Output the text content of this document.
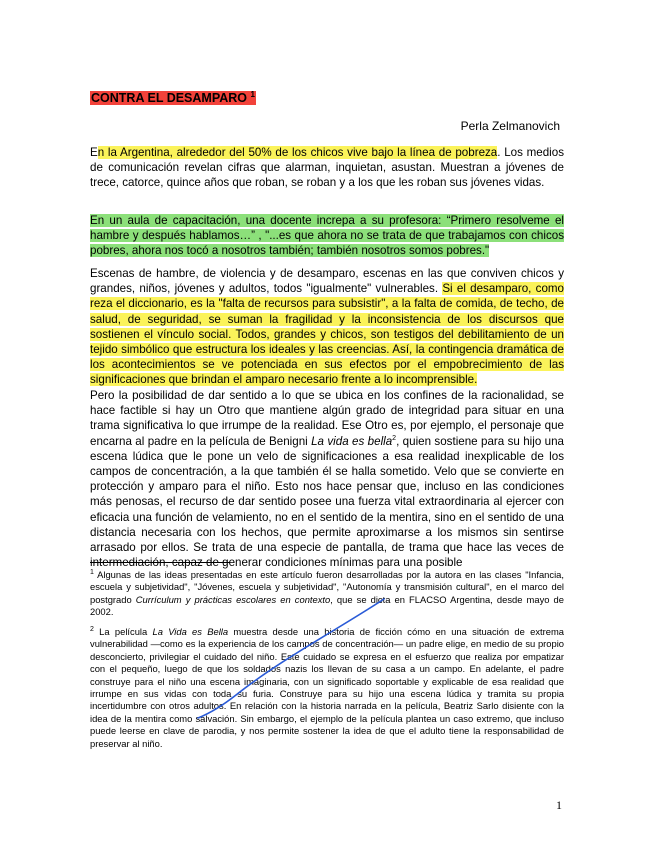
CONTRA EL DESAMPARO $^1$
Perla Zelmanovich

En la Argentina, alrededor del 50% de los chicos vive bajo la línea de pobreza. Los medios de comunicación revelan cifras que alarman, inquietan, asustan. Muestran a jóvenes de trece, catorce, quince años que roban, se roban y a los que les roban sus jóvenes vidas.

En un aula de capacitación, una docente increpa a su profesora: “Primero resolveme el hambre y después hablamos…” , "...es que ahora no se trata de que trabajamos con chicos pobres, ahora nos tocó a nosotros también; también nosotros somos pobres."

Escenas de hambre, de violencia y de desamparo, escenas en las que conviven chicos y grandes, niños, jóvenes y adultos, todos "igualmente" vulnerables. Si el desamparo, como reza el diccionario, es la "falta de recursos para subsistir", a la falta de comida, de techo, de salud, de seguridad, se suman la fragilidad y la inconsistencia de los discursos que sostienen el vínculo social. Todos, grandes y chicos, son testigos del debilitamiento de un tejido simbólico que estructura los ideales y las creencias. Así, la contingencia dramática de los acontecimientos se ve potenciada en sus efectos por el empobrecimiento de las significaciones que brindan el amparo necesario frente a lo incomprensible.

Pero la posibilidad de dar sentido a lo que se ubica en los confines de la racionalidad, se hace factible si hay un Otro que mantiene algún grado de integridad para situar en una trama significativa lo que irrumpe de la realidad. Ese Otro es, por ejemplo, el personaje que encarna al padre en la película de Benigni La vida es bella$^2$, quien sostiene para su hijo una escena lúdica que le pone un velo de significaciones a esa realidad inexplicable de los campos de concentración, a la que también él se halla sometido. Velo que se convierte en protección y amparo para el niño. Esto nos hace pensar que, incluso en las condiciones más penosas, el recurso de dar sentido posee una fuerza vital extraordinaria al ejercer con eficacia una función de velamiento, no en el sentido de la mentira, sino en el sentido de una distancia necesaria con los hechos, que permite aproximarse a los mismos sin sentirse arrasado por ellos. Se trata de una especie de pantalla, de trama que hace las veces de intermediación, capaz de generar condiciones mínimas para una posible

$^1$ Algunas de las ideas presentadas en este artículo fueron desarrolladas por la autora en las clases "Infancia, escuela y subjetividad", "Jóvenes, escuela y subjetividad", "Autonomía y transmisión cultural", en el marco del postgrado Currículum y prácticas escolares en contexto, que se dicta en FLACSO Argentina, desde mayo de 2002.

$^2$ La película La Vida es Bella muestra desde una historia de ficción cómo en una situación de extrema vulnerabilidad —como es la experiencia de los campos de concentración— un padre elige, en medio de su propio desconcierto, privilegiar el cuidado del niño. Este cuidado se expresa en el esfuerzo que realiza por empatizar con el pequeño, luego de que los soldados nazis los llevan de su casa a un campo. En adelante, el padre construye para el niño una escena imaginaria, con un significado soportable y explicable de esa realidad que irrumpe en sus vidas con toda su furia. Construye para su hijo una escena lúdica y tramita su propia incertidumbre con otros adultos. En relación con la historia narrada en la película, Beatriz Sarlo disiente con la idea de la mentira como salvación. Sin embargo, el ejemplo de la película plantea un caso extremo, que incluso puede leerse en clave de parodia, y nos permite sostener la idea de que el adulto tiene la responsabilidad de preservar al niño.

1
